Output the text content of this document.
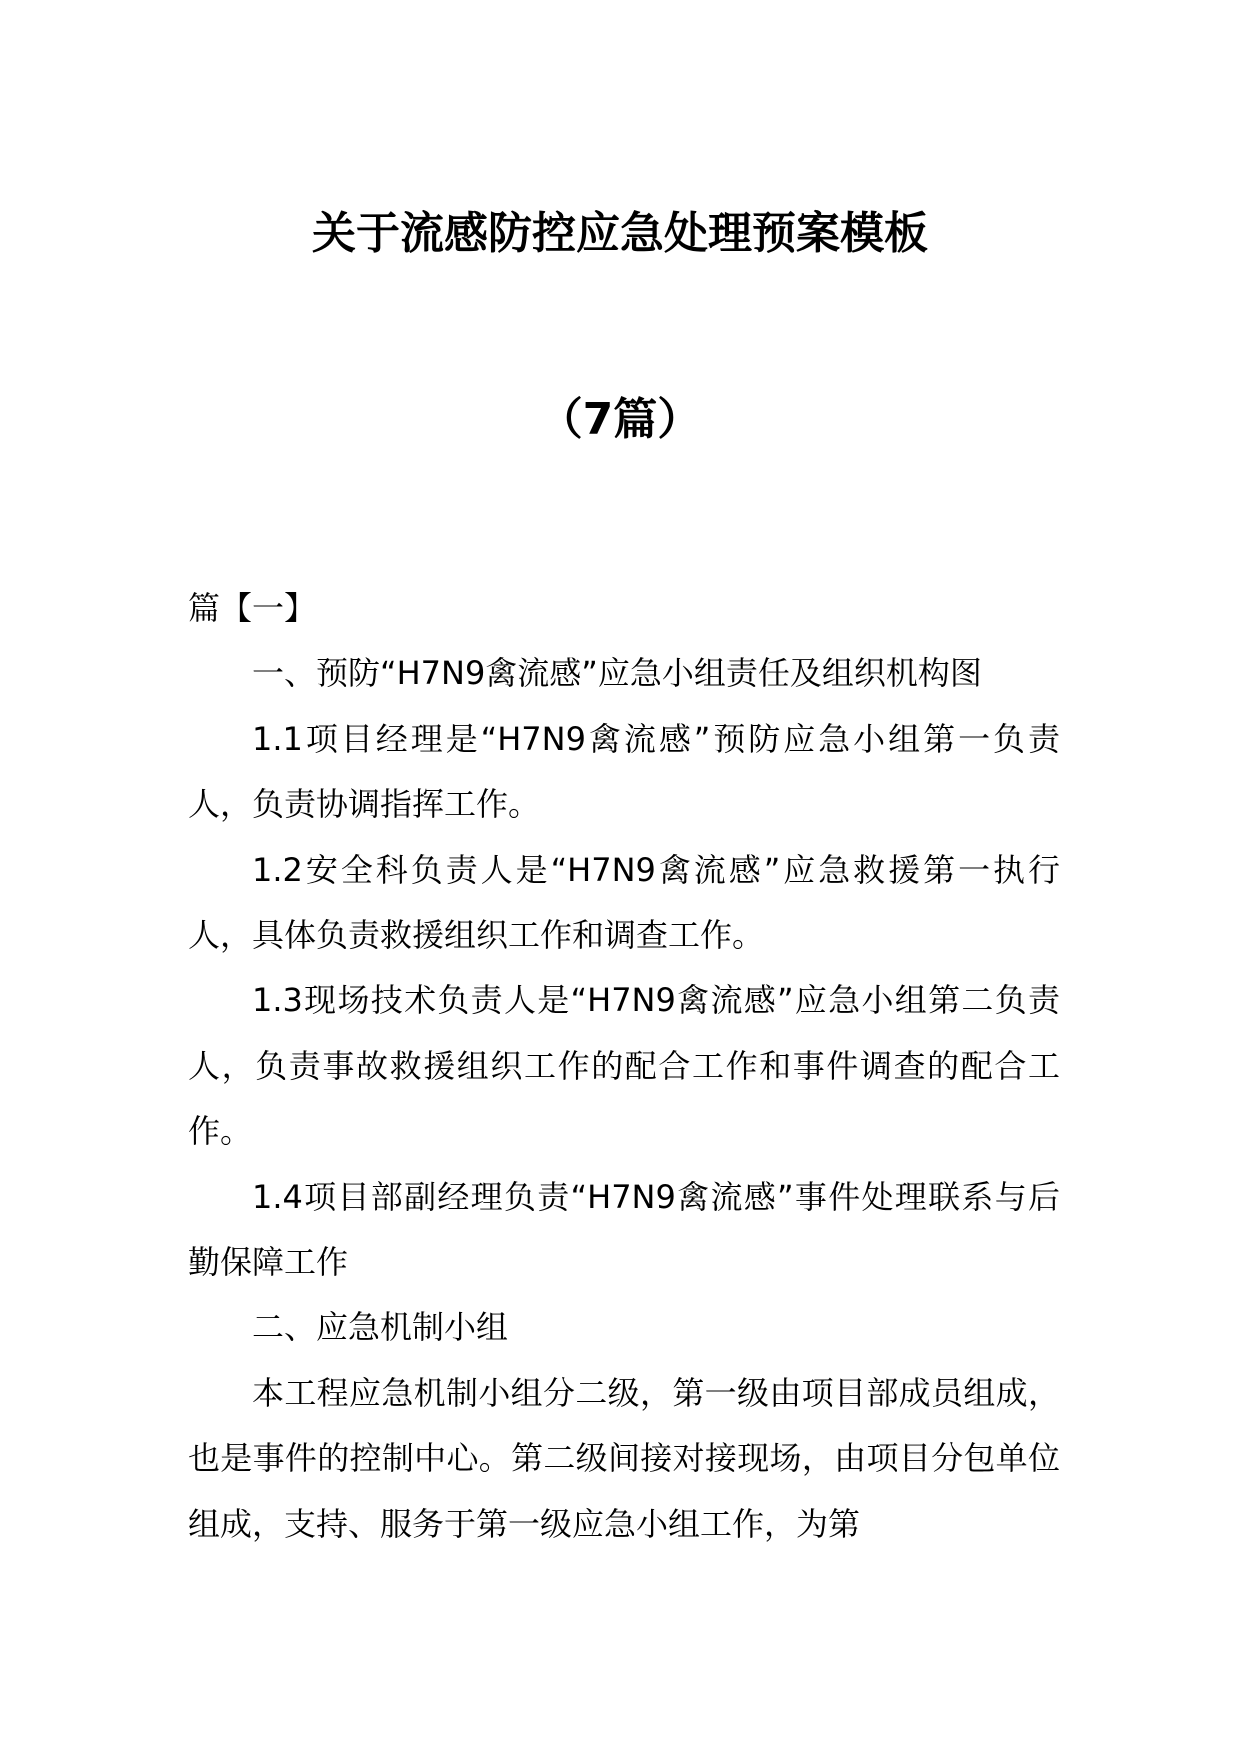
关于流感防控应急处理预案模板
（7篇）

篇【一】

一、预防“H7N9禽流感”应急小组责任及组织机构图

1.1项目经理是“H7N9禽流感”预防应急小组第一负责人，负责协调指挥工作。

1.2安全科负责人是“H7N9禽流感”应急救援第一执行人，具体负责救援组织工作和调查工作。

1.3现场技术负责人是“H7N9禽流感”应急小组第二负责人，负责事故救援组织工作的配合工作和事件调查的配合工作。

1.4项目部副经理负责“H7N9禽流感”事件处理联系与后勤保障工作

二、应急机制小组

本工程应急机制小组分二级，第一级由项目部成员组成，也是事件的控制中心。第二级间接对接现场，由项目分包单位组成，支持、服务于第一级应急小组工作，为第
